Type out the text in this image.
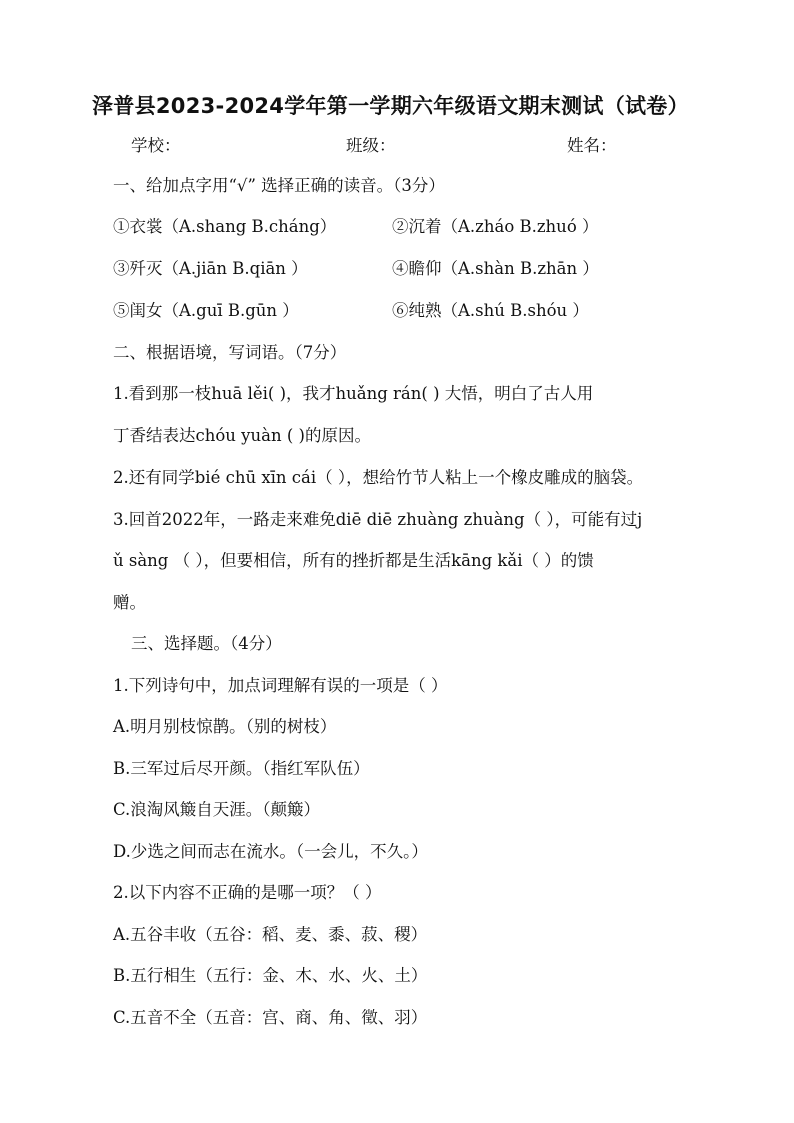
泽普县2023-2024学年第一学期六年级语文期末测试（试卷）
学校：	班级：	姓名：
一、给加点字用“√” 选择正确的读音。（3分）
①衣裳（A.shang B.cháng）	②沉着（A.zháo B.zhuó ）
③歼灭（A.jiān B.qiān ）	④瞻仰（A.shàn B.zhān ）
⑤闺女（A.guī B.gūn ）	⑥纯熟（A.shú B.shóu ）
二、根据语境，写词语。（7分）
1.看到那一枝huā lěi( )，我才huǎng rán( ) 大悟，明白了古人用
丁香结表达chóu yuàn ( )的原因。
2.还有同学bié chū xīn cái（ ），想给竹节人粘上一个橡皮雕成的脑袋。
3.回首2022年，一路走来难免diē diē zhuàng zhuàng（ ），可能有过j
ǔ sàng （ ），但要相信，所有的挫折都是生活kāng kǎi（ ）的馈
赠。
三、选择题。（4分）
1.下列诗句中，加点词理解有误的一项是（ ）
A.明月别枝惊鹊。（别的树枝）
B.三军过后尽开颜。（指红军队伍）
C.浪淘风簸自天涯。（颠簸）
D.少选之间而志在流水。（一会儿，不久。）
2.以下内容不正确的是哪一项？（ ）
A.五谷丰收（五谷：稻、麦、黍、菽、稷）
B.五行相生（五行：金、木、水、火、土）
C.五音不全（五音：宫、商、角、徵、羽）
